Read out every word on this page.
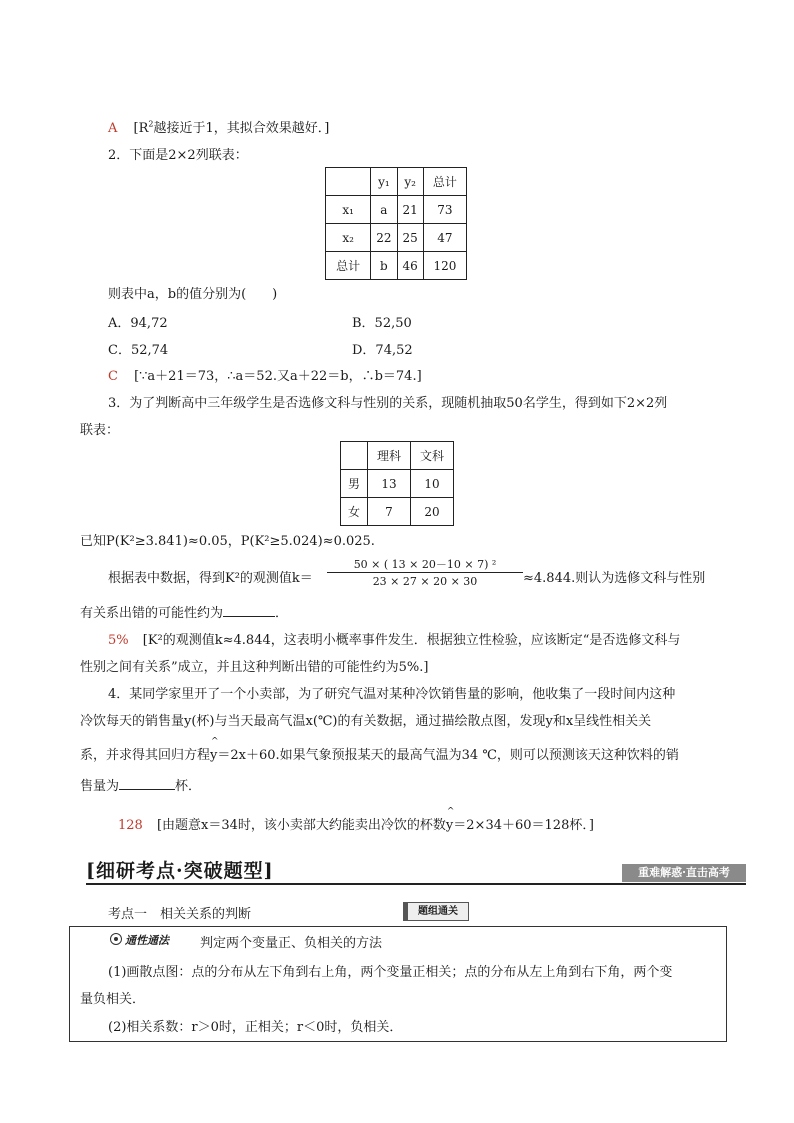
A [$R^2$越接近于1，其拟合效果越好．]
2．下面是2×2列联表：
	y₁	y₂	总计
x₁	a	21	73
x₂	22	25	47
总计	b	46	120
则表中a，b的值分别为(　　)
A．94,72	B．52,50
C．52,74	D．74,52
C [∵a＋21＝73，∴a＝52.又a＋22＝b，∴b＝74.]
3．为了判断高中三年级学生是否选修文科与性别的关系，现随机抽取50名学生，得到如下2×2列
联表：
	理科	文科
男	13	10
女	7	20
已知P(K²≥3.841)≈0.05，P(K²≥5.024)≈0.025.
根据表中数据，得到K²的观测值k＝
50 × ( 13 × 20－10 × 7) ²
23 × 27 × 20 × 30	≈4.844.则认为选修文科与性别
有关系出错的可能性约为	．
5% [K²的观测值k≈4.844，这表明小概率事件发生．根据独立性检验，应该断定“是否选修文科与
性别之间有关系”成立，并且这种判断出错的可能性约为5%.]
4．某同学家里开了一个小卖部，为了研究气温对某种冷饮销售量的影响，他收集了一段时间内这种
冷饮每天的销售量y(杯)与当天最高气温x(℃)的有关数据，通过描绘散点图，发现y和x呈线性相关关
系，并求得其回归方程^ y＝2x＋60.如果气象预报某天的最高气温为34 ℃，则可以预测该天这种饮料的销
售量为	杯．
128 [由题意x＝34时，该小卖部大约能卖出冷饮的杯数^ y＝2×34＋60＝128杯．]
[细研考点·突破题型]	重难解惑·直击高考
考点一　相关关系的判断	题组通关
通性通法 判定两个变量正、负相关的方法
(1)画散点图：点的分布从左下角到右上角，两个变量正相关；点的分布从左上角到右下角，两个变
量负相关．
(2)相关系数：r＞0时，正相关；r＜0时，负相关．
